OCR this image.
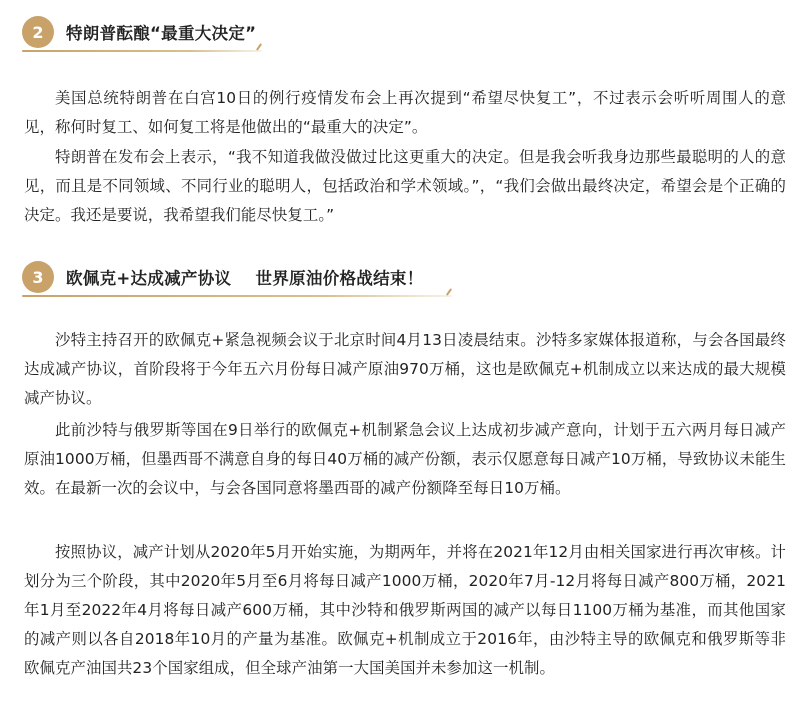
2	特朗普酝酿“最重大决定”

美国总统特朗普在白宫10日的例行疫情发布会上再次提到“希望尽快复工”，不过表示会听听周围人的意见，称何时复工、如何复工将是他做出的“最重大的决定”。

特朗普在发布会上表示，“我不知道我做没做过比这更重大的决定。但是我会听我身边那些最聪明的人的意见，而且是不同领域、不同行业的聪明人，包括政治和学术领域。”，“我们会做出最终决定，希望会是个正确的决定。我还是要说，我希望我们能尽快复工。”

3	欧佩克+达成减产协议    世界原油价格战结束！

沙特主持召开的欧佩克+紧急视频会议于北京时间4月13日凌晨结束。沙特多家媒体报道称，与会各国最终达成减产协议，首阶段将于今年五六月份每日减产原油970万桶，这也是欧佩克+机制成立以来达成的最大规模减产协议。

此前沙特与俄罗斯等国在9日举行的欧佩克+机制紧急会议上达成初步减产意向，计划于五六两月每日减产原油1000万桶，但墨西哥不满意自身的每日40万桶的减产份额，表示仅愿意每日减产10万桶，导致协议未能生效。在最新一次的会议中，与会各国同意将墨西哥的减产份额降至每日10万桶。

按照协议，减产计划从2020年5月开始实施，为期两年，并将在2021年12月由相关国家进行再次审核。计划分为三个阶段，其中2020年5月至6月将每日减产1000万桶，2020年7月-12月将每日减产800万桶，2021年1月至2022年4月将每日减产600万桶，其中沙特和俄罗斯两国的减产以每日1100万桶为基准，而其他国家的减产则以各自2018年10月的产量为基准。欧佩克+机制成立于2016年，由沙特主导的欧佩克和俄罗斯等非欧佩克产油国共23个国家组成，但全球产油第一大国美国并未参加这一机制。
